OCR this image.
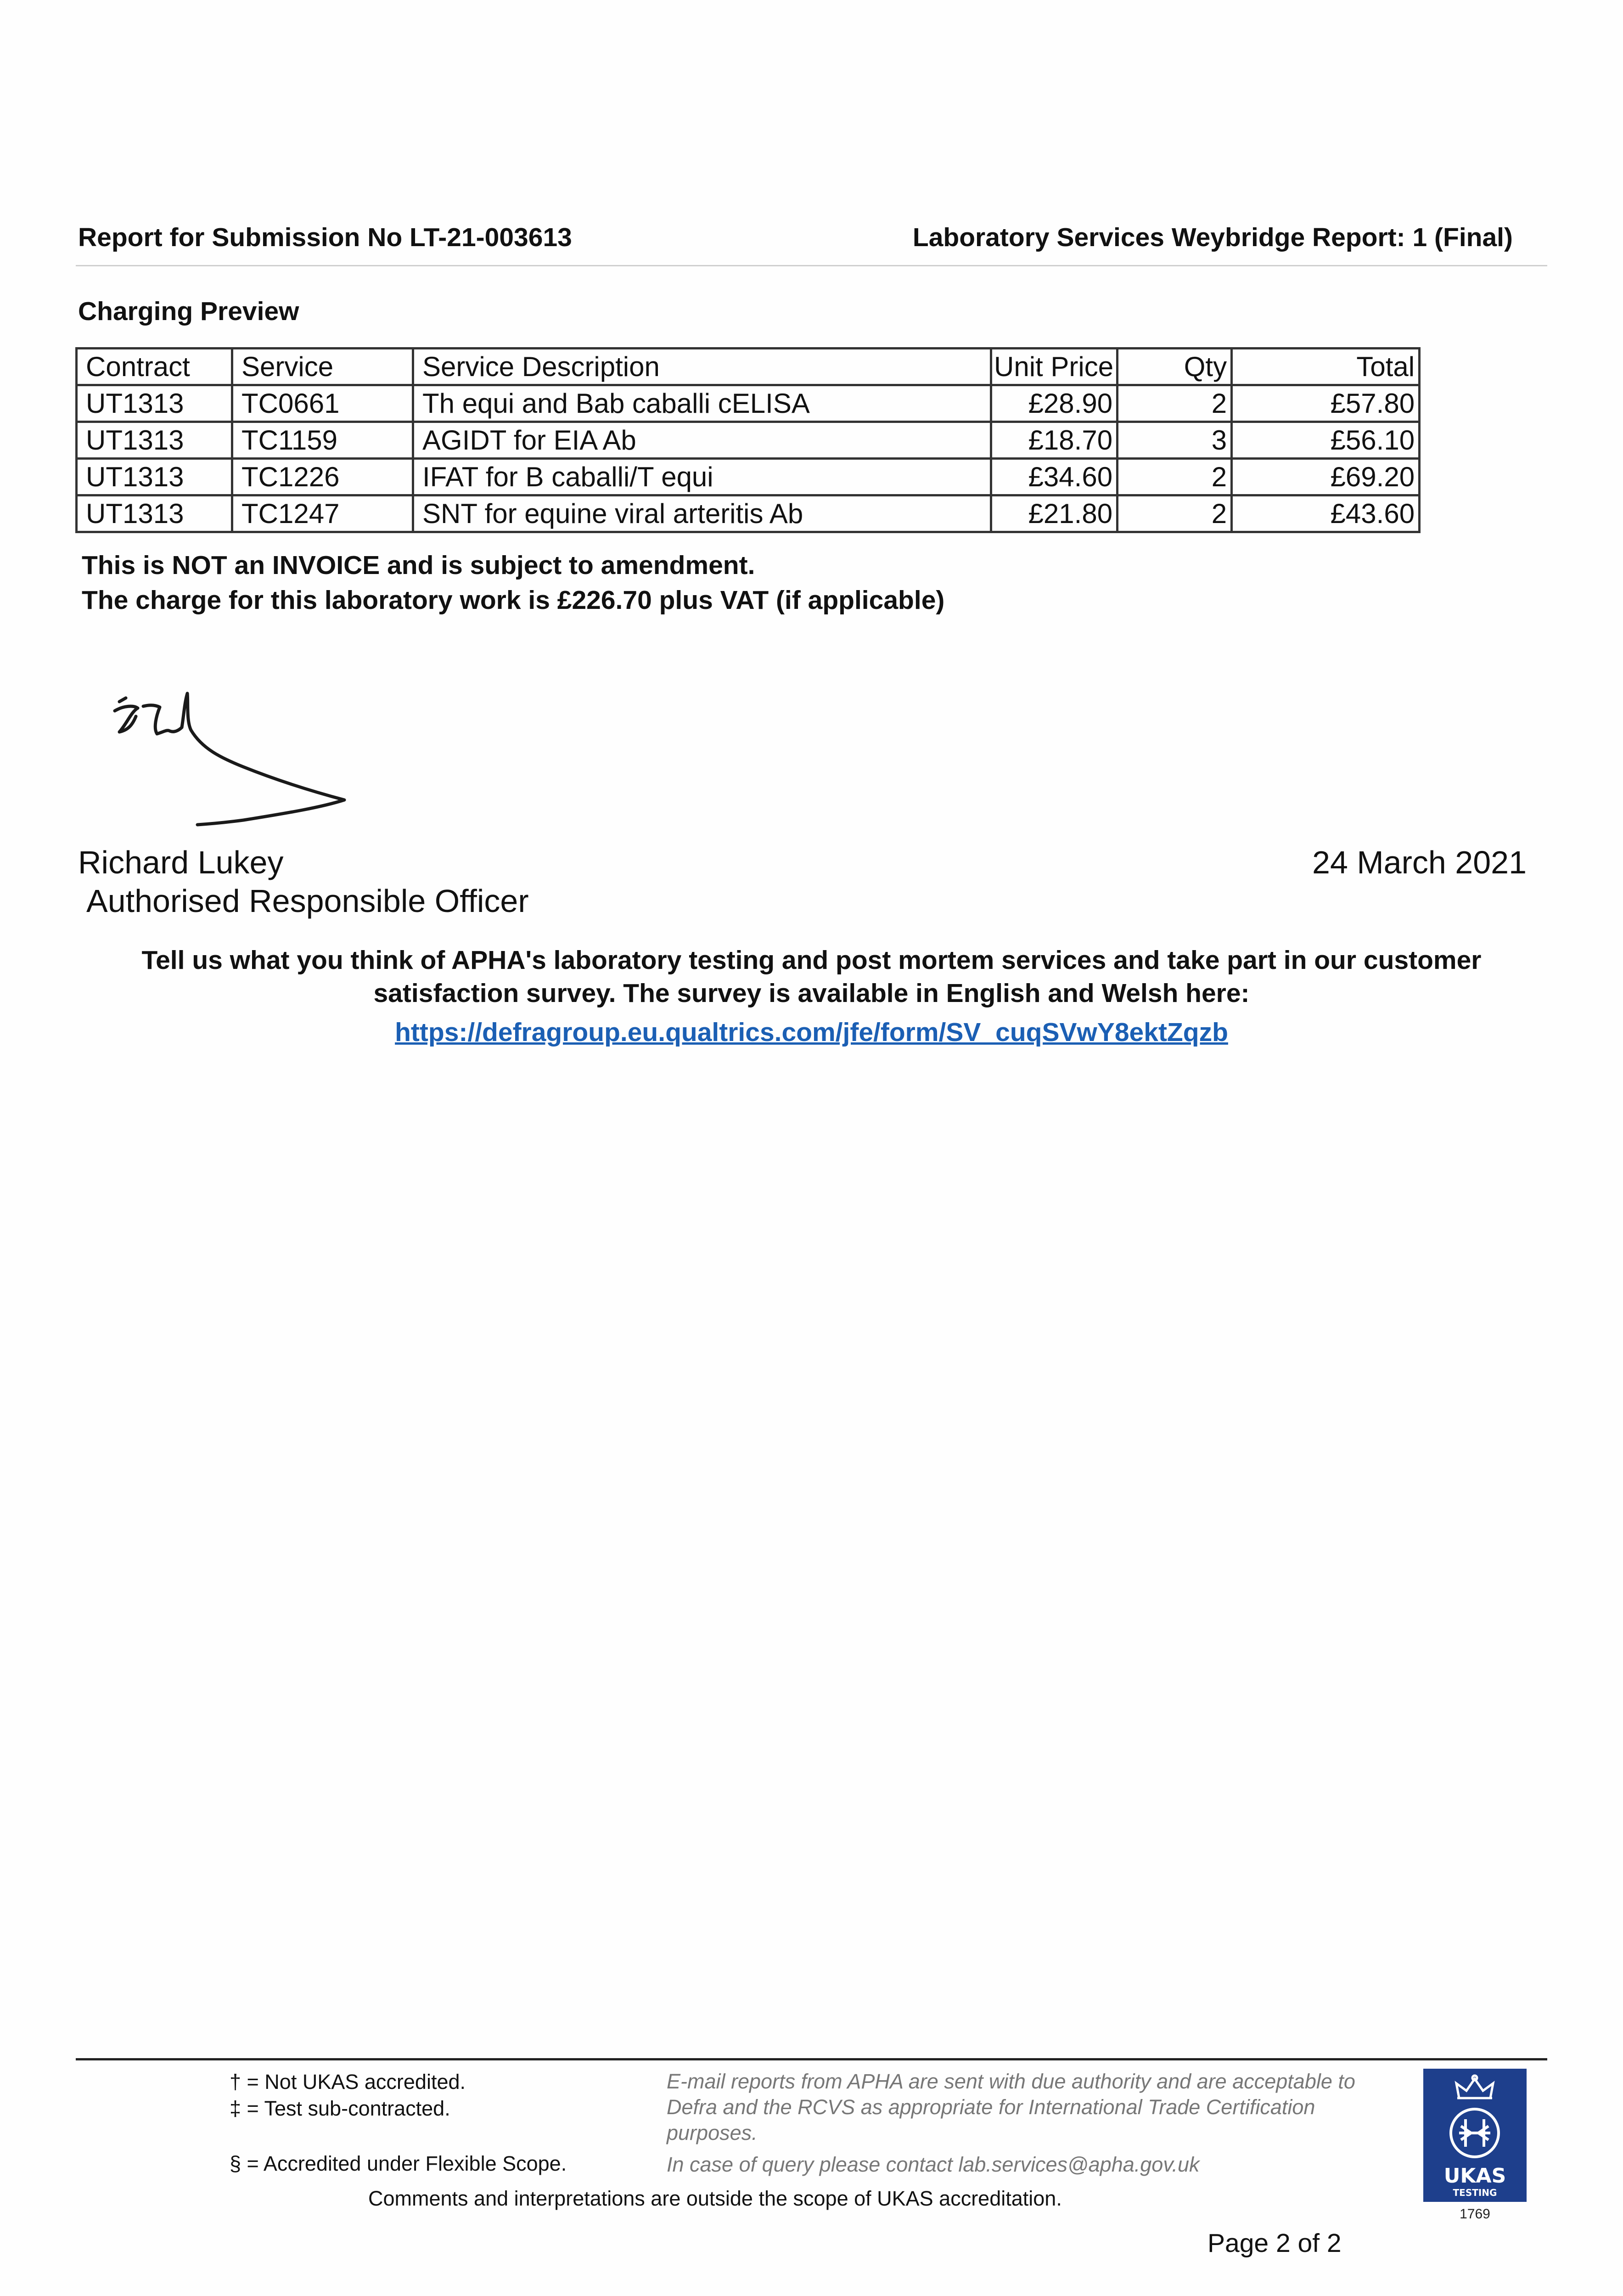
Report for Submission No LT-21-003613	Laboratory Services Weybridge Report: 1 (Final)
Charging Preview
Contract	Service	Service Description	Unit Price	Qty	Total
UT1313	TC0661	Th equi and Bab caballi cELISA	£28.90	2	£57.80
UT1313	TC1159	AGIDT for EIA Ab	£18.70	3	£56.10
UT1313	TC1226	IFAT for B caballi/T equi	£34.60	2	£69.20
UT1313	TC1247	SNT for equine viral arteritis Ab	£21.80	2	£43.60
This is NOT an INVOICE and is subject to amendment.
The charge for this laboratory work is £226.70 plus VAT (if applicable)
Richard Lukey
Authorised Responsible Officer
24 March 2021
Tell us what you think of APHA's laboratory testing and post mortem services and take part in our customer satisfaction survey. The survey is available in English and Welsh here:
https://defragroup.eu.qualtrics.com/jfe/form/SV_cuqSVwY8ektZqzb
† = Not UKAS accredited.
‡ = Test sub-contracted.
§ = Accredited under Flexible Scope.
E-mail reports from APHA are sent with due authority and are acceptable to Defra and the RCVS as appropriate for International Trade Certification purposes.
In case of query please contact lab.services@apha.gov.uk
Comments and interpretations are outside the scope of UKAS accreditation.
Page 2 of 2
UKAS
TESTING
1769
